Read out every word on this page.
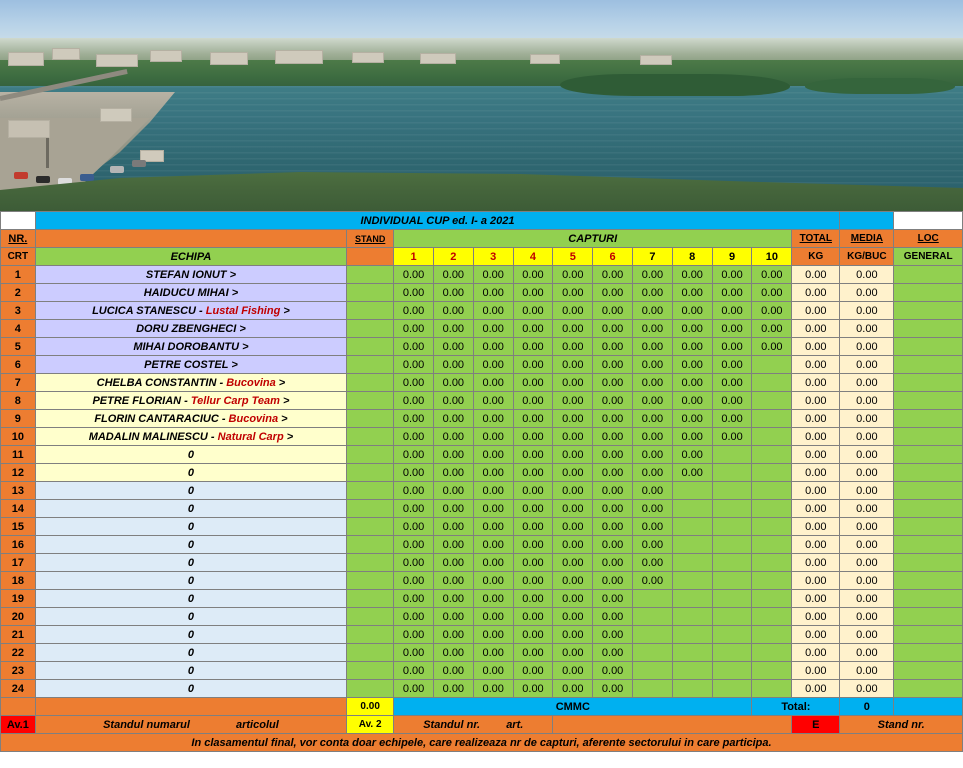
	INDIVIDUAL CUP ed. I- a 2021														
NR.		STAND	CAPTURI										TOTAL	MEDIA	LOC
CRT	ECHIPA		1	2	3	4	5	6	7	8	9	10	KG	KG/BUC	GENERAL
1	STEFAN IONUT >		0.00	0.00	0.00	0.00	0.00	0.00	0.00	0.00	0.00	0.00	0.00	0.00	
2	HAIDUCU MIHAI >		0.00	0.00	0.00	0.00	0.00	0.00	0.00	0.00	0.00	0.00	0.00	0.00	
3	LUCICA STANESCU - Lustal Fishing >		0.00	0.00	0.00	0.00	0.00	0.00	0.00	0.00	0.00	0.00	0.00	0.00	
4	DORU ZBENGHECI >		0.00	0.00	0.00	0.00	0.00	0.00	0.00	0.00	0.00	0.00	0.00	0.00	
5	MIHAI DOROBANTU >		0.00	0.00	0.00	0.00	0.00	0.00	0.00	0.00	0.00	0.00	0.00	0.00	
6	PETRE COSTEL >		0.00	0.00	0.00	0.00	0.00	0.00	0.00	0.00	0.00		0.00	0.00	
7	CHELBA CONSTANTIN - Bucovina >		0.00	0.00	0.00	0.00	0.00	0.00	0.00	0.00	0.00		0.00	0.00	
8	PETRE FLORIAN - Tellur Carp Team >		0.00	0.00	0.00	0.00	0.00	0.00	0.00	0.00	0.00		0.00	0.00	
9	FLORIN CANTARACIUC - Bucovina >		0.00	0.00	0.00	0.00	0.00	0.00	0.00	0.00	0.00		0.00	0.00	
10	MADALIN MALINESCU - Natural Carp >		0.00	0.00	0.00	0.00	0.00	0.00	0.00	0.00	0.00		0.00	0.00	
11	0		0.00	0.00	0.00	0.00	0.00	0.00	0.00	0.00			0.00	0.00	
12	0		0.00	0.00	0.00	0.00	0.00	0.00	0.00	0.00			0.00	0.00	
13	0		0.00	0.00	0.00	0.00	0.00	0.00	0.00				0.00	0.00	
14	0		0.00	0.00	0.00	0.00	0.00	0.00	0.00				0.00	0.00	
15	0		0.00	0.00	0.00	0.00	0.00	0.00	0.00				0.00	0.00	
16	0		0.00	0.00	0.00	0.00	0.00	0.00	0.00				0.00	0.00	
17	0		0.00	0.00	0.00	0.00	0.00	0.00	0.00				0.00	0.00	
18	0		0.00	0.00	0.00	0.00	0.00	0.00	0.00				0.00	0.00	
19	0		0.00	0.00	0.00	0.00	0.00	0.00					0.00	0.00	
20	0		0.00	0.00	0.00	0.00	0.00	0.00					0.00	0.00	
21	0		0.00	0.00	0.00	0.00	0.00	0.00					0.00	0.00	
22	0		0.00	0.00	0.00	0.00	0.00	0.00					0.00	0.00	
23	0		0.00	0.00	0.00	0.00	0.00	0.00					0.00	0.00	
24	0		0.00	0.00	0.00	0.00	0.00	0.00					0.00	0.00	
		0.00	CMMC									Total:		0	
Av.1	Standul numarul articolul	Av. 2	Standul nr. art.										E	Stand nr.	
In clasamentul final, vor conta doar echipele, care realizeaza nr de capturi, aferente sectorului in care participa.															
